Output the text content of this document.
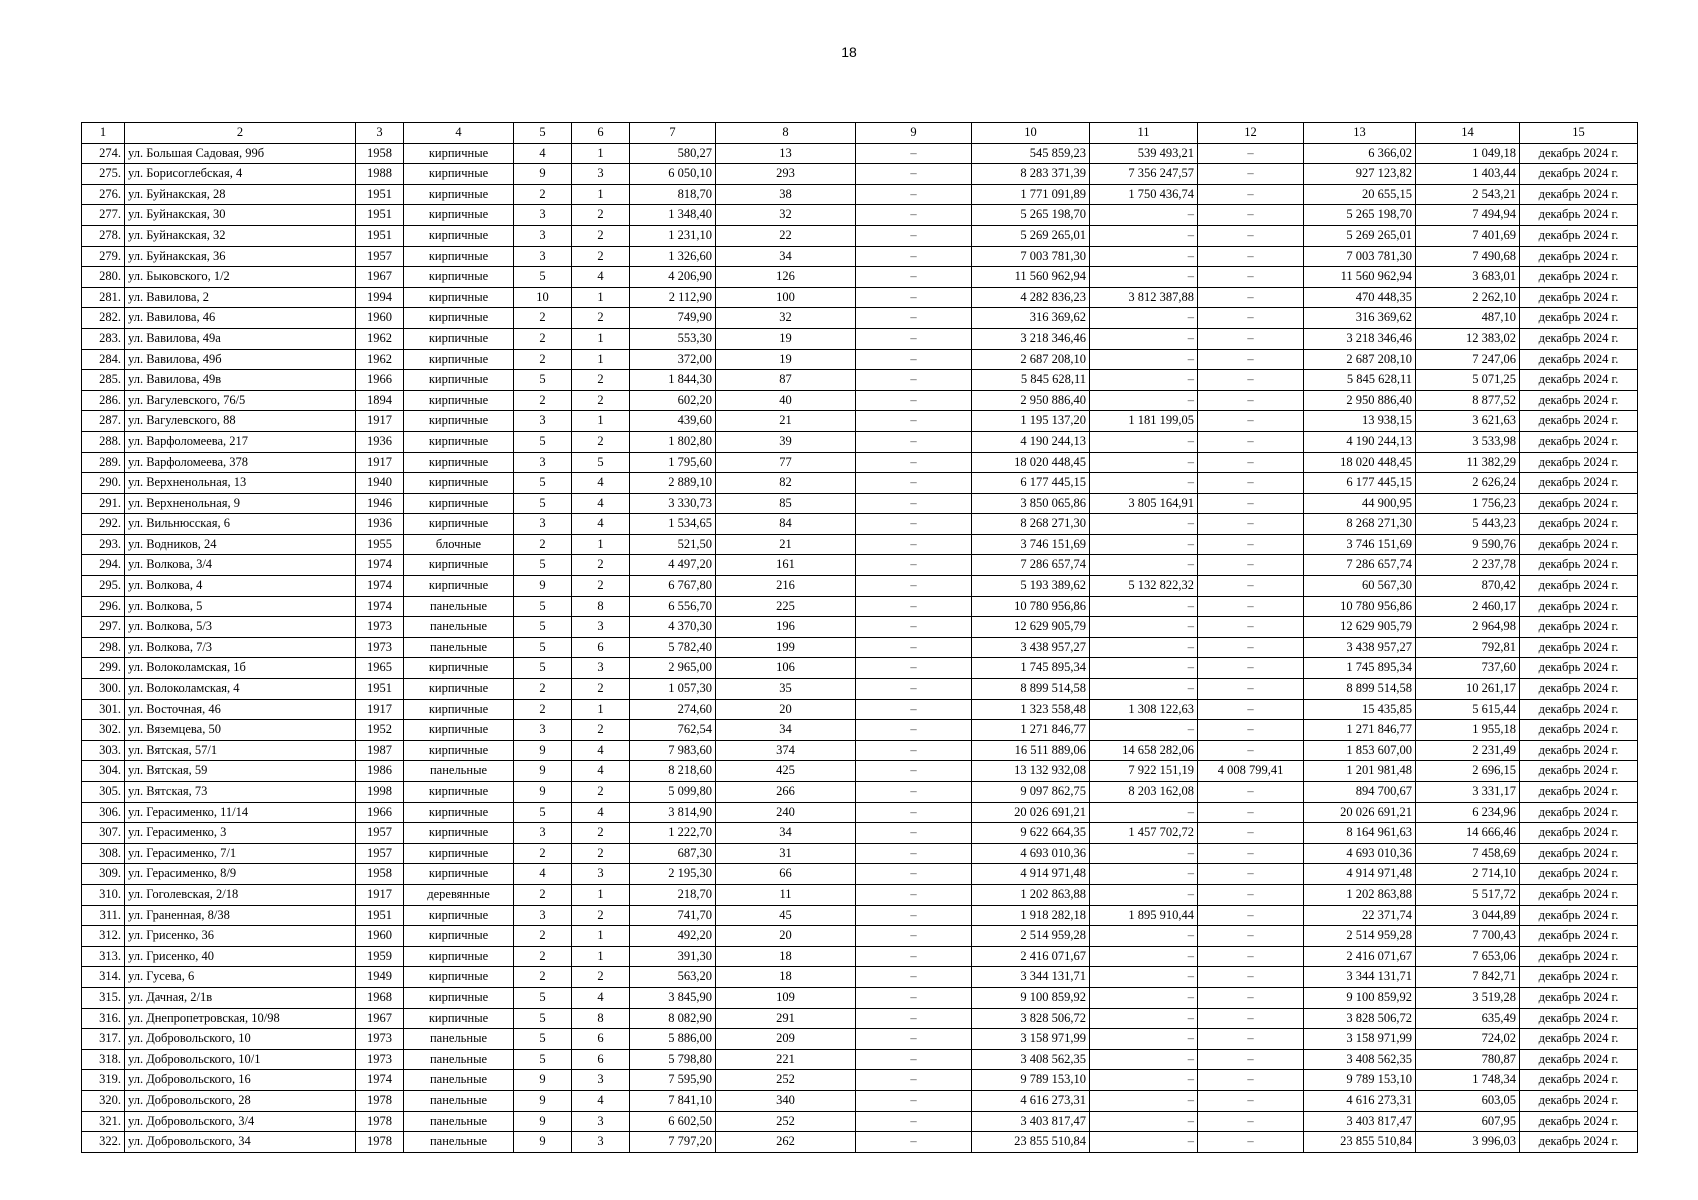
18
1	2	3	4	5	6	7	8	9	10	11	12	13	14	15
274.	ул. Большая Садовая, 99б	1958	кирпичные	4	1	580,27	13	–	545 859,23	539 493,21	–	6 366,02	1 049,18	декабрь 2024 г.
275.	ул. Борисоглебская, 4	1988	кирпичные	9	3	6 050,10	293	–	8 283 371,39	7 356 247,57	–	927 123,82	1 403,44	декабрь 2024 г.
276.	ул. Буйнакская, 28	1951	кирпичные	2	1	818,70	38	–	1 771 091,89	1 750 436,74	–	20 655,15	2 543,21	декабрь 2024 г.
277.	ул. Буйнакская, 30	1951	кирпичные	3	2	1 348,40	32	–	5 265 198,70	–	–	5 265 198,70	7 494,94	декабрь 2024 г.
278.	ул. Буйнакская, 32	1951	кирпичные	3	2	1 231,10	22	–	5 269 265,01	–	–	5 269 265,01	7 401,69	декабрь 2024 г.
279.	ул. Буйнакская, 36	1957	кирпичные	3	2	1 326,60	34	–	7 003 781,30	–	–	7 003 781,30	7 490,68	декабрь 2024 г.
280.	ул. Быковского, 1/2	1967	кирпичные	5	4	4 206,90	126	–	11 560 962,94	–	–	11 560 962,94	3 683,01	декабрь 2024 г.
281.	ул. Вавилова, 2	1994	кирпичные	10	1	2 112,90	100	–	4 282 836,23	3 812 387,88	–	470 448,35	2 262,10	декабрь 2024 г.
282.	ул. Вавилова, 46	1960	кирпичные	2	2	749,90	32	–	316 369,62	–	–	316 369,62	487,10	декабрь 2024 г.
283.	ул. Вавилова, 49а	1962	кирпичные	2	1	553,30	19	–	3 218 346,46	–	–	3 218 346,46	12 383,02	декабрь 2024 г.
284.	ул. Вавилова, 49б	1962	кирпичные	2	1	372,00	19	–	2 687 208,10	–	–	2 687 208,10	7 247,06	декабрь 2024 г.
285.	ул. Вавилова, 49в	1966	кирпичные	5	2	1 844,30	87	–	5 845 628,11	–	–	5 845 628,11	5 071,25	декабрь 2024 г.
286.	ул. Вагулевского, 76/5	1894	кирпичные	2	2	602,20	40	–	2 950 886,40	–	–	2 950 886,40	8 877,52	декабрь 2024 г.
287.	ул. Вагулевского, 88	1917	кирпичные	3	1	439,60	21	–	1 195 137,20	1 181 199,05	–	13 938,15	3 621,63	декабрь 2024 г.
288.	ул. Варфоломеева, 217	1936	кирпичные	5	2	1 802,80	39	–	4 190 244,13	–	–	4 190 244,13	3 533,98	декабрь 2024 г.
289.	ул. Варфоломеева, 378	1917	кирпичные	3	5	1 795,60	77	–	18 020 448,45	–	–	18 020 448,45	11 382,29	декабрь 2024 г.
290.	ул. Верхненольная, 13	1940	кирпичные	5	4	2 889,10	82	–	6 177 445,15	–	–	6 177 445,15	2 626,24	декабрь 2024 г.
291.	ул. Верхненольная, 9	1946	кирпичные	5	4	3 330,73	85	–	3 850 065,86	3 805 164,91	–	44 900,95	1 756,23	декабрь 2024 г.
292.	ул. Вильнюсская, 6	1936	кирпичные	3	4	1 534,65	84	–	8 268 271,30	–	–	8 268 271,30	5 443,23	декабрь 2024 г.
293.	ул. Водников, 24	1955	блочные	2	1	521,50	21	–	3 746 151,69	–	–	3 746 151,69	9 590,76	декабрь 2024 г.
294.	ул. Волкова, 3/4	1974	кирпичные	5	2	4 497,20	161	–	7 286 657,74	–	–	7 286 657,74	2 237,78	декабрь 2024 г.
295.	ул. Волкова, 4	1974	кирпичные	9	2	6 767,80	216	–	5 193 389,62	5 132 822,32	–	60 567,30	870,42	декабрь 2024 г.
296.	ул. Волкова, 5	1974	панельные	5	8	6 556,70	225	–	10 780 956,86	–	–	10 780 956,86	2 460,17	декабрь 2024 г.
297.	ул. Волкова, 5/3	1973	панельные	5	3	4 370,30	196	–	12 629 905,79	–	–	12 629 905,79	2 964,98	декабрь 2024 г.
298.	ул. Волкова, 7/3	1973	панельные	5	6	5 782,40	199	–	3 438 957,27	–	–	3 438 957,27	792,81	декабрь 2024 г.
299.	ул. Волоколамская, 1б	1965	кирпичные	5	3	2 965,00	106	–	1 745 895,34	–	–	1 745 895,34	737,60	декабрь 2024 г.
300.	ул. Волоколамская, 4	1951	кирпичные	2	2	1 057,30	35	–	8 899 514,58	–	–	8 899 514,58	10 261,17	декабрь 2024 г.
301.	ул. Восточная, 46	1917	кирпичные	2	1	274,60	20	–	1 323 558,48	1 308 122,63	–	15 435,85	5 615,44	декабрь 2024 г.
302.	ул. Вяземцева, 50	1952	кирпичные	3	2	762,54	34	–	1 271 846,77	–	–	1 271 846,77	1 955,18	декабрь 2024 г.
303.	ул. Вятская, 57/1	1987	кирпичные	9	4	7 983,60	374	–	16 511 889,06	14 658 282,06	–	1 853 607,00	2 231,49	декабрь 2024 г.
304.	ул. Вятская, 59	1986	панельные	9	4	8 218,60	425	–	13 132 932,08	7 922 151,19	4 008 799,41	1 201 981,48	2 696,15	декабрь 2024 г.
305.	ул. Вятская, 73	1998	кирпичные	9	2	5 099,80	266	–	9 097 862,75	8 203 162,08	–	894 700,67	3 331,17	декабрь 2024 г.
306.	ул. Герасименко, 11/14	1966	кирпичные	5	4	3 814,90	240	–	20 026 691,21	–	–	20 026 691,21	6 234,96	декабрь 2024 г.
307.	ул. Герасименко, 3	1957	кирпичные	3	2	1 222,70	34	–	9 622 664,35	1 457 702,72	–	8 164 961,63	14 666,46	декабрь 2024 г.
308.	ул. Герасименко, 7/1	1957	кирпичные	2	2	687,30	31	–	4 693 010,36	–	–	4 693 010,36	7 458,69	декабрь 2024 г.
309.	ул. Герасименко, 8/9	1958	кирпичные	4	3	2 195,30	66	–	4 914 971,48	–	–	4 914 971,48	2 714,10	декабрь 2024 г.
310.	ул. Гоголевская, 2/18	1917	деревянные	2	1	218,70	11	–	1 202 863,88	–	–	1 202 863,88	5 517,72	декабрь 2024 г.
311.	ул. Граненная, 8/38	1951	кирпичные	3	2	741,70	45	–	1 918 282,18	1 895 910,44	–	22 371,74	3 044,89	декабрь 2024 г.
312.	ул. Грисенко, 36	1960	кирпичные	2	1	492,20	20	–	2 514 959,28	–	–	2 514 959,28	7 700,43	декабрь 2024 г.
313.	ул. Грисенко, 40	1959	кирпичные	2	1	391,30	18	–	2 416 071,67	–	–	2 416 071,67	7 653,06	декабрь 2024 г.
314.	ул. Гусева, 6	1949	кирпичные	2	2	563,20	18	–	3 344 131,71	–	–	3 344 131,71	7 842,71	декабрь 2024 г.
315.	ул. Дачная, 2/1в	1968	кирпичные	5	4	3 845,90	109	–	9 100 859,92	–	–	9 100 859,92	3 519,28	декабрь 2024 г.
316.	ул. Днепропетровская, 10/98	1967	кирпичные	5	8	8 082,90	291	–	3 828 506,72	–	–	3 828 506,72	635,49	декабрь 2024 г.
317.	ул. Добровольского, 10	1973	панельные	5	6	5 886,00	209	–	3 158 971,99	–	–	3 158 971,99	724,02	декабрь 2024 г.
318.	ул. Добровольского, 10/1	1973	панельные	5	6	5 798,80	221	–	3 408 562,35	–	–	3 408 562,35	780,87	декабрь 2024 г.
319.	ул. Добровольского, 16	1974	панельные	9	3	7 595,90	252	–	9 789 153,10	–	–	9 789 153,10	1 748,34	декабрь 2024 г.
320.	ул. Добровольского, 28	1978	панельные	9	4	7 841,10	340	–	4 616 273,31	–	–	4 616 273,31	603,05	декабрь 2024 г.
321.	ул. Добровольского, 3/4	1978	панельные	9	3	6 602,50	252	–	3 403 817,47	–	–	3 403 817,47	607,95	декабрь 2024 г.
322.	ул. Добровольского, 34	1978	панельные	9	3	7 797,20	262	–	23 855 510,84	–	–	23 855 510,84	3 996,03	декабрь 2024 г.
